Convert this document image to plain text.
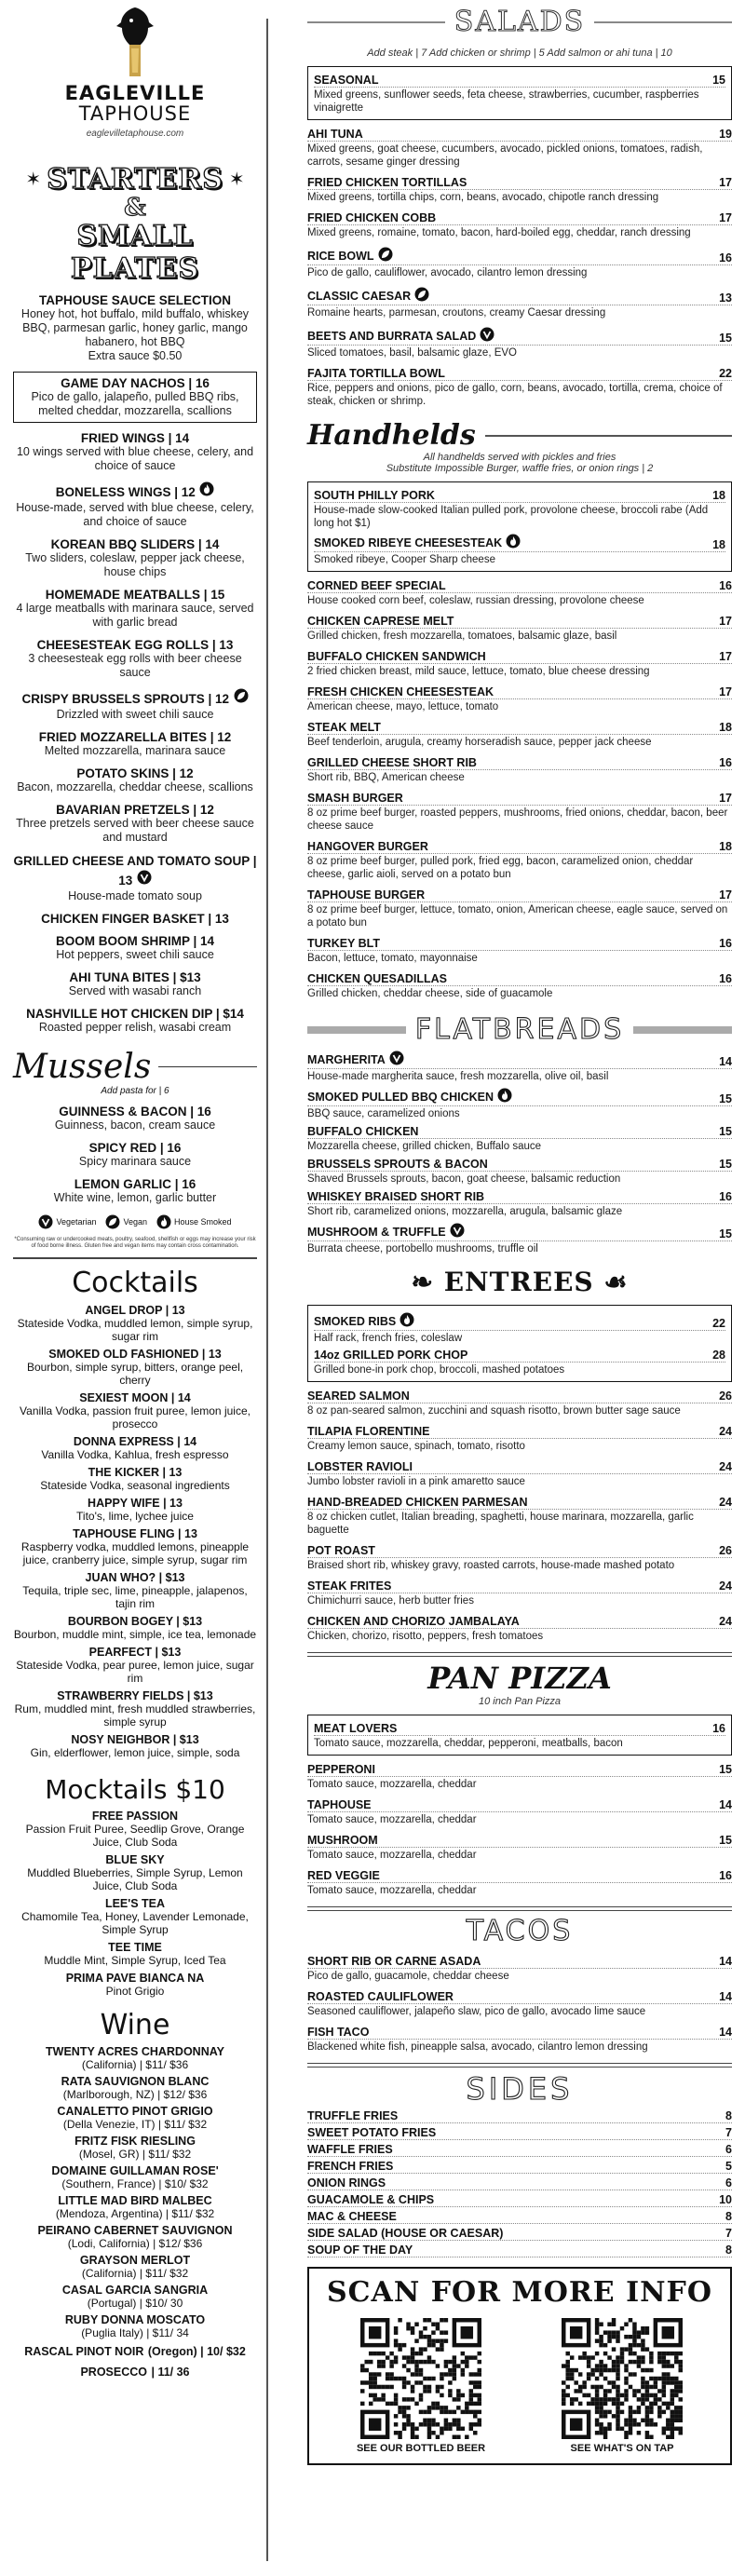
EAGLEVILLE
TAPHOUSE
eaglevilletaphouse.com
✶ STARTERS ✶
&
SMALL PLATES
TAPHOUSE SAUCE SELECTION
Honey hot, hot buffalo, mild buffalo, whiskey BBQ, parmesan garlic, honey garlic, mango habanero, hot BBQ
Extra sauce $0.50
GAME DAY NACHOS | 16
Pico de gallo, jalapeño, pulled BBQ ribs, melted cheddar, mozzarella, scallions
FRIED WINGS | 14
10 wings served with blue cheese, celery, and choice of sauce
BONELESS WINGS | 12
House-made, served with blue cheese, celery, and choice of sauce
KOREAN BBQ SLIDERS | 14
Two sliders, coleslaw, pepper jack cheese, house chips
HOMEMADE MEATBALLS | 15
4 large meatballs with marinara sauce, served with garlic bread
CHEESESTEAK EGG ROLLS | 13
3 cheesesteak egg rolls with beer cheese sauce
CRISPY BRUSSELS SPROUTS | 12
Drizzled with sweet chili sauce
FRIED MOZZARELLA BITES | 12
Melted mozzarella, marinara sauce
POTATO SKINS | 12
Bacon, mozzarella, cheddar cheese, scallions
BAVARIAN PRETZELS | 12
Three pretzels served with beer cheese sauce and mustard
GRILLED CHEESE AND TOMATO SOUP | 13
House-made tomato soup
CHICKEN FINGER BASKET | 13
BOOM BOOM SHRIMP | 14
Hot peppers, sweet chili sauce
AHI TUNA BITES | $13
Served with wasabi ranch
NASHVILLE HOT CHICKEN DIP | $14
Roasted pepper relish, wasabi cream
Mussels
Add pasta for | 6
GUINNESS & BACON | 16
Guinness, bacon, cream sauce
SPICY RED | 16
Spicy marinara sauce
LEMON GARLIC | 16
White wine, lemon, garlic butter
Vegetarian	Vegan	House Smoked
*Consuming raw or undercooked meats, poultry, seafood, shellfish or eggs may increase your risk of food borne illness. Gluten free and vegan items may contain cross contamination.
Cocktails
ANGEL DROP | 13
Stateside Vodka, muddled lemon, simple syrup, sugar rim
SMOKED OLD FASHIONED | 13
Bourbon, simple syrup, bitters, orange peel, cherry
SEXIEST MOON | 14
Vanilla Vodka, passion fruit puree, lemon juice, prosecco
DONNA EXPRESS | 14
Vanilla Vodka, Kahlua, fresh espresso
THE KICKER | 13
Stateside Vodka, seasonal ingredients
HAPPY WIFE | 13
Tito's, lime, lychee juice
TAPHOUSE FLING | 13
Raspberry vodka, muddled lemons, pineapple juice, cranberry juice, simple syrup, sugar rim
JUAN WHO? | $13
Tequila, triple sec, lime, pineapple, jalapenos, tajin rim
BOURBON BOGEY | $13
Bourbon, muddle mint, simple, ice tea, lemonade
PEARFECT | $13
Stateside Vodka, pear puree, lemon juice, sugar rim
STRAWBERRY FIELDS | $13
Rum, muddled mint, fresh muddled strawberries, simple syrup
NOSY NEIGHBOR | $13
Gin, elderflower, lemon juice, simple, soda
Mocktails $10
FREE PASSION
Passion Fruit Puree, Seedlip Grove, Orange Juice, Club Soda
BLUE SKY
Muddled Blueberries, Simple Syrup, Lemon Juice, Club Soda
LEE'S TEA
Chamomile Tea, Honey, Lavender Lemonade, Simple Syrup
TEE TIME
Muddle Mint, Simple Syrup, Iced Tea
PRIMA PAVE BIANCA NA
Pinot Grigio
Wine
TWENTY ACRES CHARDONNAY
(California) | $11/ $36
RATA SAUVIGNON BLANC
(Marlborough, NZ) | $12/ $36
CANALETTO PINOT GRIGIO
(Della Venezie, IT) | $11/ $32
FRITZ FISK RIESLING
(Mosel, GR) | $11/ $32
DOMAINE GUILLAMAN ROSE'
(Southern, France) | $10/ $32
LITTLE MAD BIRD MALBEC
(Mendoza, Argentina) | $11/ $32
PEIRANO CABERNET SAUVIGNON
(Lodi, California) | $12/ $36
GRAYSON MERLOT
(California) | $11/ $32
CASAL GARCIA SANGRIA
(Portugal) | $10/ 30
RUBY DONNA MOSCATO
(Puglia Italy) | $11/ 34
RASCAL PINOT NOIR (Oregon) | 10/ $32
PROSECCO | 11/ 36
SALADS
Add steak | 7 Add chicken or shrimp | 5 Add salmon or ahi tuna | 10
SEASONAL	15
Mixed greens, sunflower seeds, feta cheese, strawberries, cucumber, raspberries vinaigrette
AHI TUNA	19
Mixed greens, goat cheese, cucumbers, avocado, pickled onions, tomatoes, radish, carrots, sesame ginger dressing
FRIED CHICKEN TORTILLAS	17
Mixed greens, tortilla chips, corn, beans, avocado, chipotle ranch dressing
FRIED CHICKEN COBB	17
Mixed greens, romaine, tomato, bacon, hard-boiled egg, cheddar, ranch dressing
RICE BOWL	16
Pico de gallo, cauliflower, avocado, cilantro lemon dressing
CLASSIC CAESAR	13
Romaine hearts, parmesan, croutons, creamy Caesar dressing
BEETS AND BURRATA SALAD	15
Sliced tomatoes, basil, balsamic glaze, EVO
FAJITA TORTILLA BOWL	22
Rice, peppers and onions, pico de gallo, corn, beans, avocado, tortilla, crema, choice of steak, chicken or shrimp.
Handhelds
All handhelds served with pickles and fries
Substitute Impossible Burger, waffle fries, or onion rings | 2
SOUTH PHILLY PORK	18
House-made slow-cooked Italian pulled pork, provolone cheese, broccoli rabe (Add long hot $1)
SMOKED RIBEYE CHEESESTEAK	18
Smoked ribeye, Cooper Sharp cheese
CORNED BEEF SPECIAL	16
House cooked corn beef, coleslaw, russian dressing, provolone cheese
CHICKEN CAPRESE MELT	17
Grilled chicken, fresh mozzarella, tomatoes, balsamic glaze, basil
BUFFALO CHICKEN SANDWICH	17
2 fried chicken breast, mild sauce, lettuce, tomato, blue cheese dressing
FRESH CHICKEN CHEESESTEAK	17
American cheese, mayo, lettuce, tomato
STEAK MELT	18
Beef tenderloin, arugula, creamy horseradish sauce, pepper jack cheese
GRILLED CHEESE SHORT RIB	16
Short rib, BBQ, American cheese
SMASH BURGER	17
8 oz prime beef burger, roasted peppers, mushrooms, fried onions, cheddar, bacon, beer cheese sauce
HANGOVER BURGER	18
8 oz prime beef burger, pulled pork, fried egg, bacon, caramelized onion, cheddar cheese, garlic aioli, served on a potato bun
TAPHOUSE BURGER	17
8 oz prime beef burger, lettuce, tomato, onion, American cheese, eagle sauce, served on a potato bun
TURKEY BLT	16
Bacon, lettuce, tomato, mayonnaise
CHICKEN QUESADILLAS	16
Grilled chicken, cheddar cheese, side of guacamole
FLATBREADS
MARGHERITA	14
House-made margherita sauce, fresh mozzarella, olive oil, basil
SMOKED PULLED BBQ CHICKEN	15
BBQ sauce, caramelized onions
BUFFALO CHICKEN	15
Mozzarella cheese, grilled chicken, Buffalo sauce
BRUSSELS SPROUTS & BACON	15
Shaved Brussels sprouts, bacon, goat cheese, balsamic reduction
WHISKEY BRAISED SHORT RIB	16
Short rib, caramelized onions, mozzarella, arugula, balsamic glaze
MUSHROOM & TRUFFLE	15
Burrata cheese, portobello mushrooms, truffle oil
❧ ENTREES ☙
SMOKED RIBS	22
Half rack, french fries, coleslaw
14oz GRILLED PORK CHOP	28
Grilled bone-in pork chop, broccoli, mashed potatoes
SEARED SALMON	26
8 oz pan-seared salmon, zucchini and squash risotto, brown butter sage sauce
TILAPIA FLORENTINE	24
Creamy lemon sauce, spinach, tomato, risotto
LOBSTER RAVIOLI	24
Jumbo lobster ravioli in a pink amaretto sauce
HAND-BREADED CHICKEN PARMESAN	24
8 oz chicken cutlet, Italian breading, spaghetti, house marinara, mozzarella, garlic baguette
POT ROAST	26
Braised short rib, whiskey gravy, roasted carrots, house-made mashed potato
STEAK FRITES	24
Chimichurri sauce, herb butter fries
CHICKEN AND CHORIZO JAMBALAYA	24
Chicken, chorizo, risotto, peppers, fresh tomatoes
PAN PIZZA
10 inch Pan Pizza
MEAT LOVERS	16
Tomato sauce, mozzarella, cheddar, pepperoni, meatballs, bacon
PEPPERONI	15
Tomato sauce, mozzarella, cheddar
TAPHOUSE	14
Tomato sauce, mozzarella, cheddar
MUSHROOM	15
Tomato sauce, mozzarella, cheddar
RED VEGGIE	16
Tomato sauce, mozzarella, cheddar
TACOS
SHORT RIB OR CARNE ASADA	14
Pico de gallo, guacamole, cheddar cheese
ROASTED CAULIFLOWER	14
Seasoned cauliflower, jalapeño slaw, pico de gallo, avocado lime sauce
FISH TACO	14
Blackened white fish, pineapple salsa, avocado, cilantro lemon dressing
SIDES
TRUFFLE FRIES	8
SWEET POTATO FRIES	7
WAFFLE FRIES	6
FRENCH FRIES	5
ONION RINGS	6
GUACAMOLE & CHIPS	10
MAC & CHEESE	8
SIDE SALAD (HOUSE OR CAESAR)	7
SOUP OF THE DAY	8
SCAN FOR MORE INFO
SEE OUR BOTTLED BEER	SEE WHAT'S ON TAP
